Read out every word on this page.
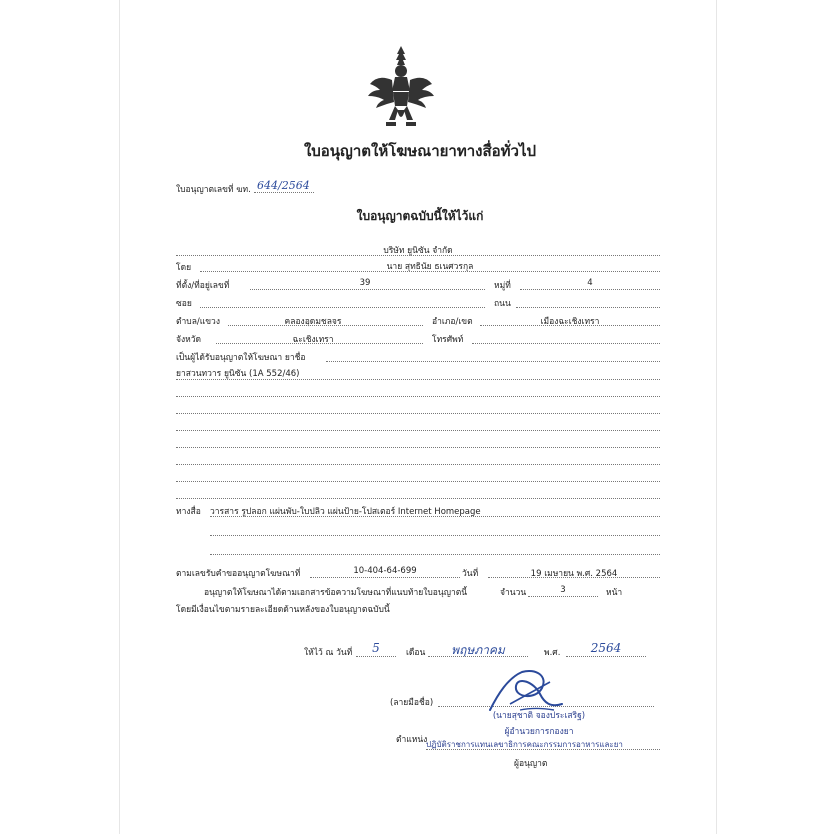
ใบอนุญาตให้โฆษณายาทางสื่อทั่วไป
ใบอนุญาตเลขที่ ฆท. 644/2564
ใบอนุญาตฉบับนี้ให้ไว้แก่
บริษัท ยูนิซัน จำกัด
โดย	นาย สุทธินัย ธเนศวรกุล
ที่ตั้ง/ที่อยู่เลขที่	39	หมู่ที่	4
ซอย	ถนน
ตำบล/แขวง	คลองอุดมชลจร	อำเภอ/เขต	เมืองฉะเชิงเทรา
จังหวัด	ฉะเชิงเทรา	โทรศัพท์
เป็นผู้ได้รับอนุญาตให้โฆษณา ยาชื่อ
ยาสวนทวาร ยูนิซัน (1A 552/46)
ทางสื่อ วารสาร รูปลอก แผ่นพับ-ใบปลิว แผ่นป้าย-โปสเตอร์ Internet Homepage
ตามเลขรับคำขออนุญาตโฆษณาที่	10-404-64-699	วันที่	19 เมษายน พ.ศ. 2564
อนุญาตให้โฆษณาได้ตามเอกสารข้อความโฆษณาที่แนบท้ายใบอนุญาตนี้	จำนวน	3	หน้า
โดยมีเงื่อนไขตามรายละเอียดด้านหลังของใบอนุญาตฉบับนี้
ให้ไว้ ณ วันที่	5	เดือน	พฤษภาคม	พ.ศ.	2564
(ลายมือชื่อ)
(นายสุชาติ จองประเสริฐ)
ผู้อำนวยการกองยา
ตำแหน่ง
ปฏิบัติราชการแทนเลขาธิการคณะกรรมการอาหารและยา
ผู้อนุญาต
